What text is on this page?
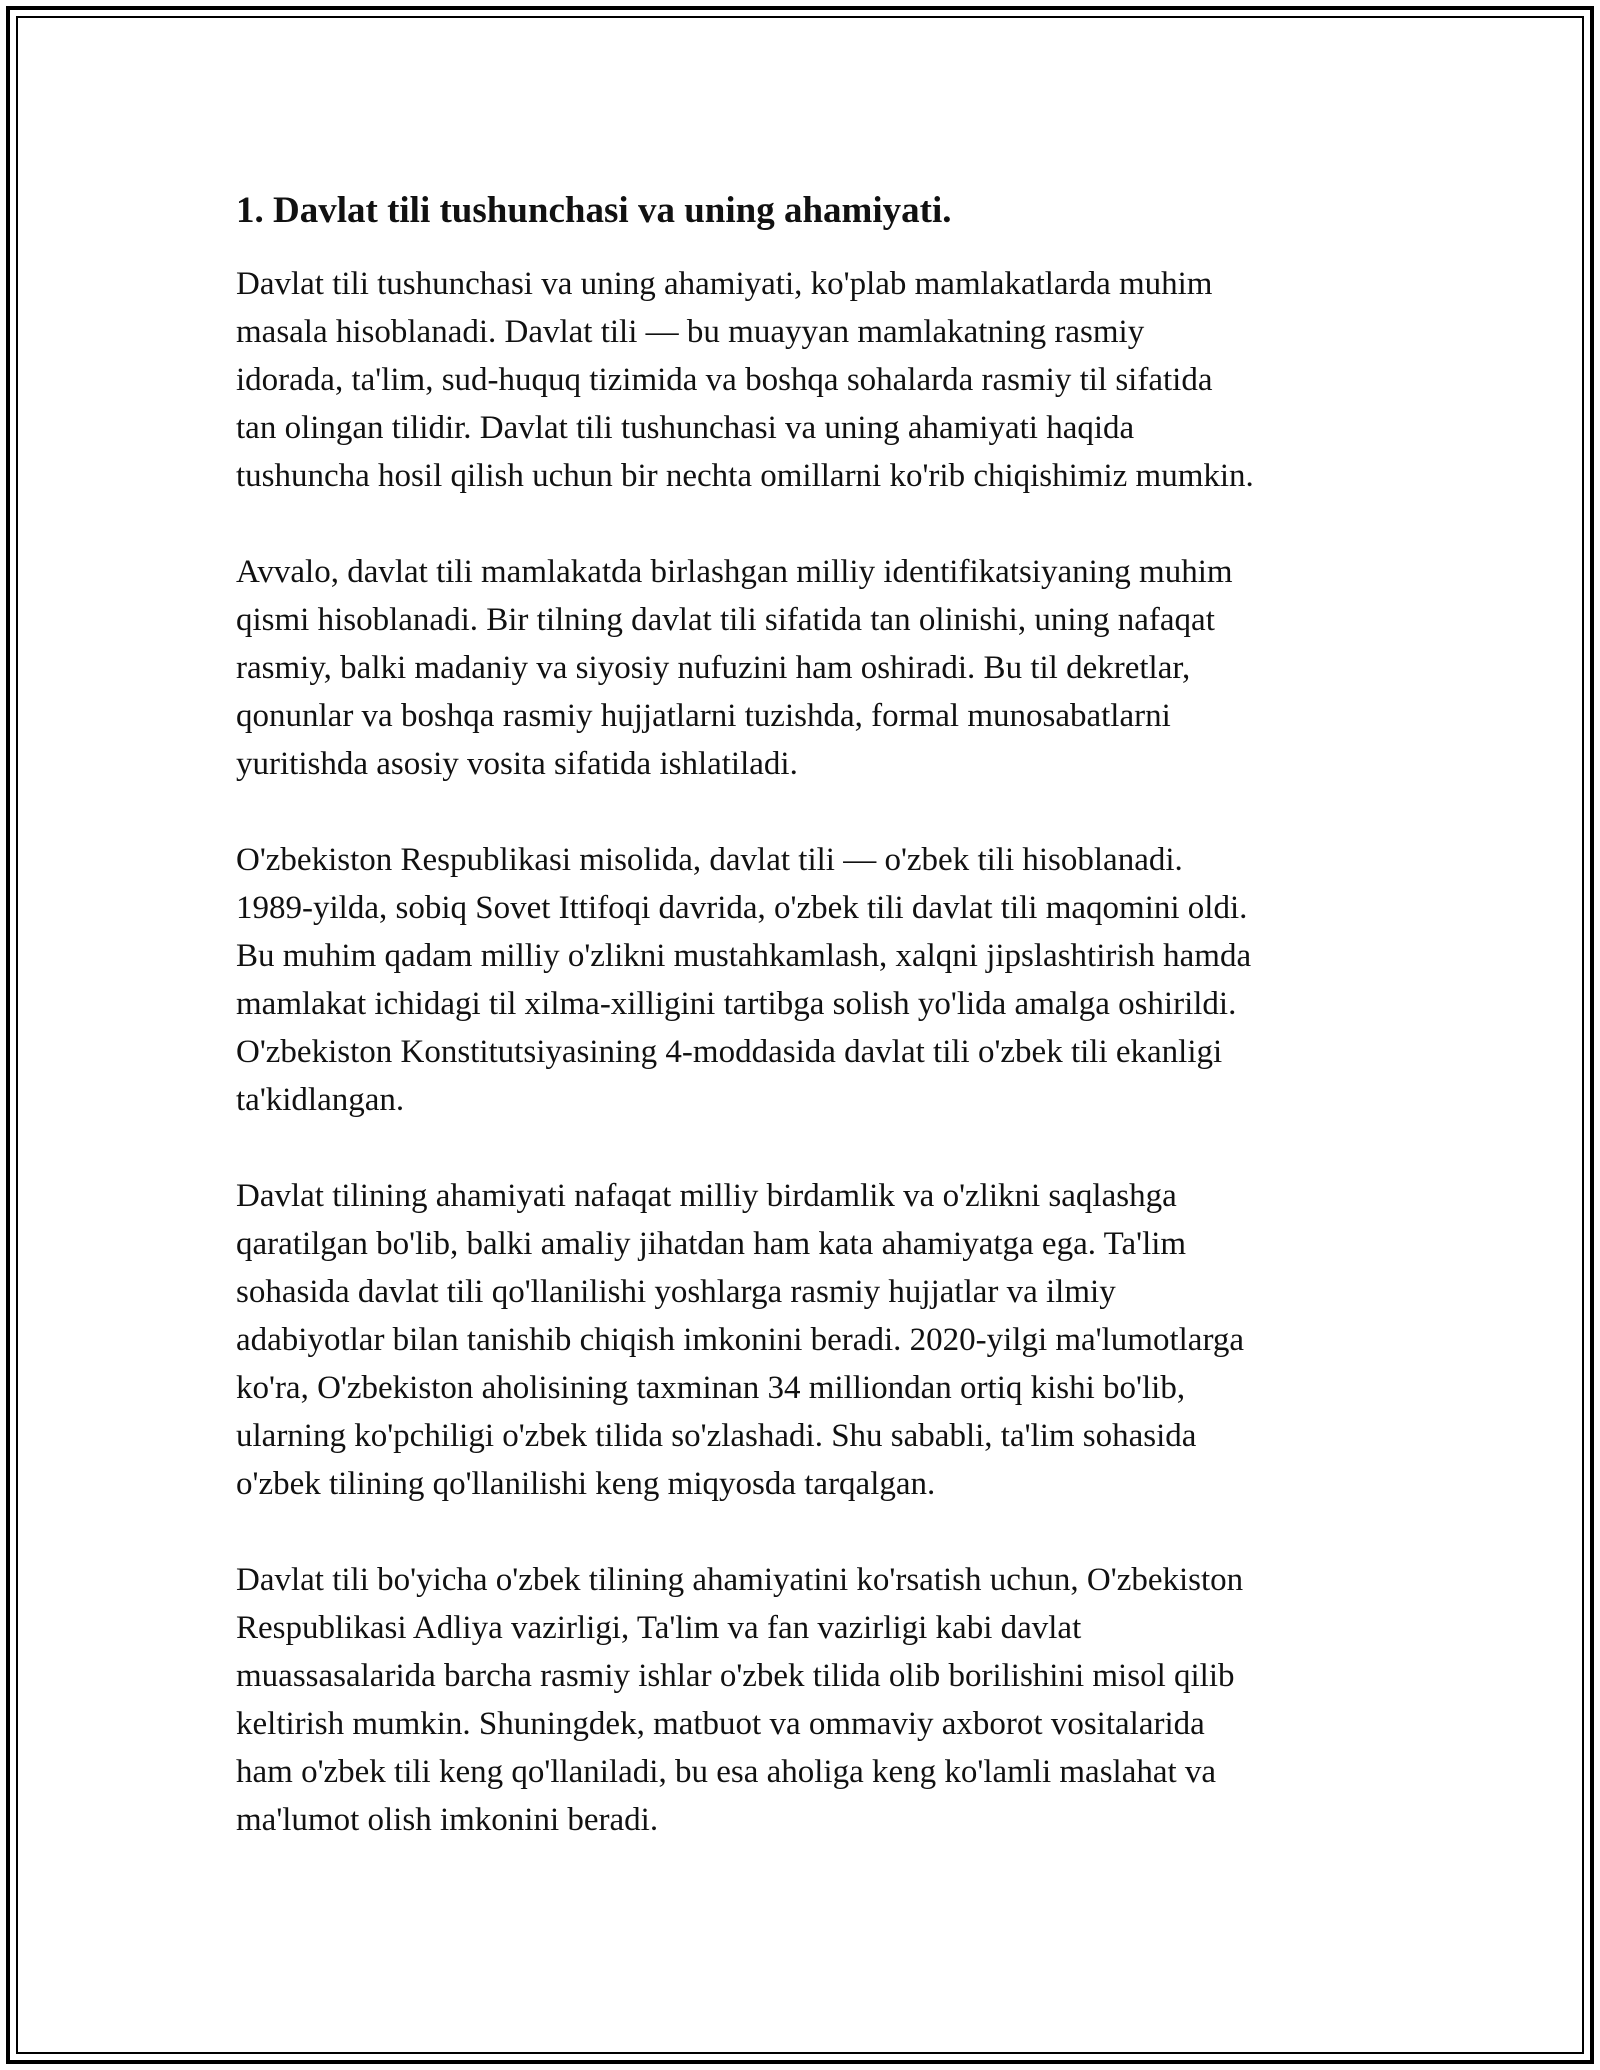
1. Davlat tili tushunchasi va uning ahamiyati.

Davlat tili tushunchasi va uning ahamiyati, ko'plab mamlakatlarda muhim
masala hisoblanadi. Davlat tili — bu muayyan mamlakatning rasmiy
idorada, ta'lim, sud-huquq tizimida va boshqa sohalarda rasmiy til sifatida
tan olingan tilidir. Davlat tili tushunchasi va uning ahamiyati haqida
tushuncha hosil qilish uchun bir nechta omillarni ko'rib chiqishimiz mumkin.

Avvalo, davlat tili mamlakatda birlashgan milliy identifikatsiyaning muhim
qismi hisoblanadi. Bir tilning davlat tili sifatida tan olinishi, uning nafaqat
rasmiy, balki madaniy va siyosiy nufuzini ham oshiradi. Bu til dekretlar,
qonunlar va boshqa rasmiy hujjatlarni tuzishda, formal munosabatlarni
yuritishda asosiy vosita sifatida ishlatiladi.

O'zbekiston Respublikasi misolida, davlat tili — o'zbek tili hisoblanadi.
1989-yilda, sobiq Sovet Ittifoqi davrida, o'zbek tili davlat tili maqomini oldi.
Bu muhim qadam milliy o'zlikni mustahkamlash, xalqni jipslashtirish hamda
mamlakat ichidagi til xilma-xilligini tartibga solish yo'lida amalga oshirildi.
O'zbekiston Konstitutsiyasining 4-moddasida davlat tili o'zbek tili ekanligi
ta'kidlangan.

Davlat tilining ahamiyati nafaqat milliy birdamlik va o'zlikni saqlashga
qaratilgan bo'lib, balki amaliy jihatdan ham kata ahamiyatga ega. Ta'lim
sohasida davlat tili qo'llanilishi yoshlarga rasmiy hujjatlar va ilmiy
adabiyotlar bilan tanishib chiqish imkonini beradi. 2020-yilgi ma'lumotlarga
ko'ra, O'zbekiston aholisining taxminan 34 milliondan ortiq kishi bo'lib,
ularning ko'pchiligi o'zbek tilida so'zlashadi. Shu sababli, ta'lim sohasida
o'zbek tilining qo'llanilishi keng miqyosda tarqalgan.

Davlat tili bo'yicha o'zbek tilining ahamiyatini ko'rsatish uchun, O'zbekiston
Respublikasi Adliya vazirligi, Ta'lim va fan vazirligi kabi davlat
muassasalarida barcha rasmiy ishlar o'zbek tilida olib borilishini misol qilib
keltirish mumkin. Shuningdek, matbuot va ommaviy axborot vositalarida
ham o'zbek tili keng qo'llaniladi, bu esa aholiga keng ko'lamli maslahat va
ma'lumot olish imkonini beradi.
